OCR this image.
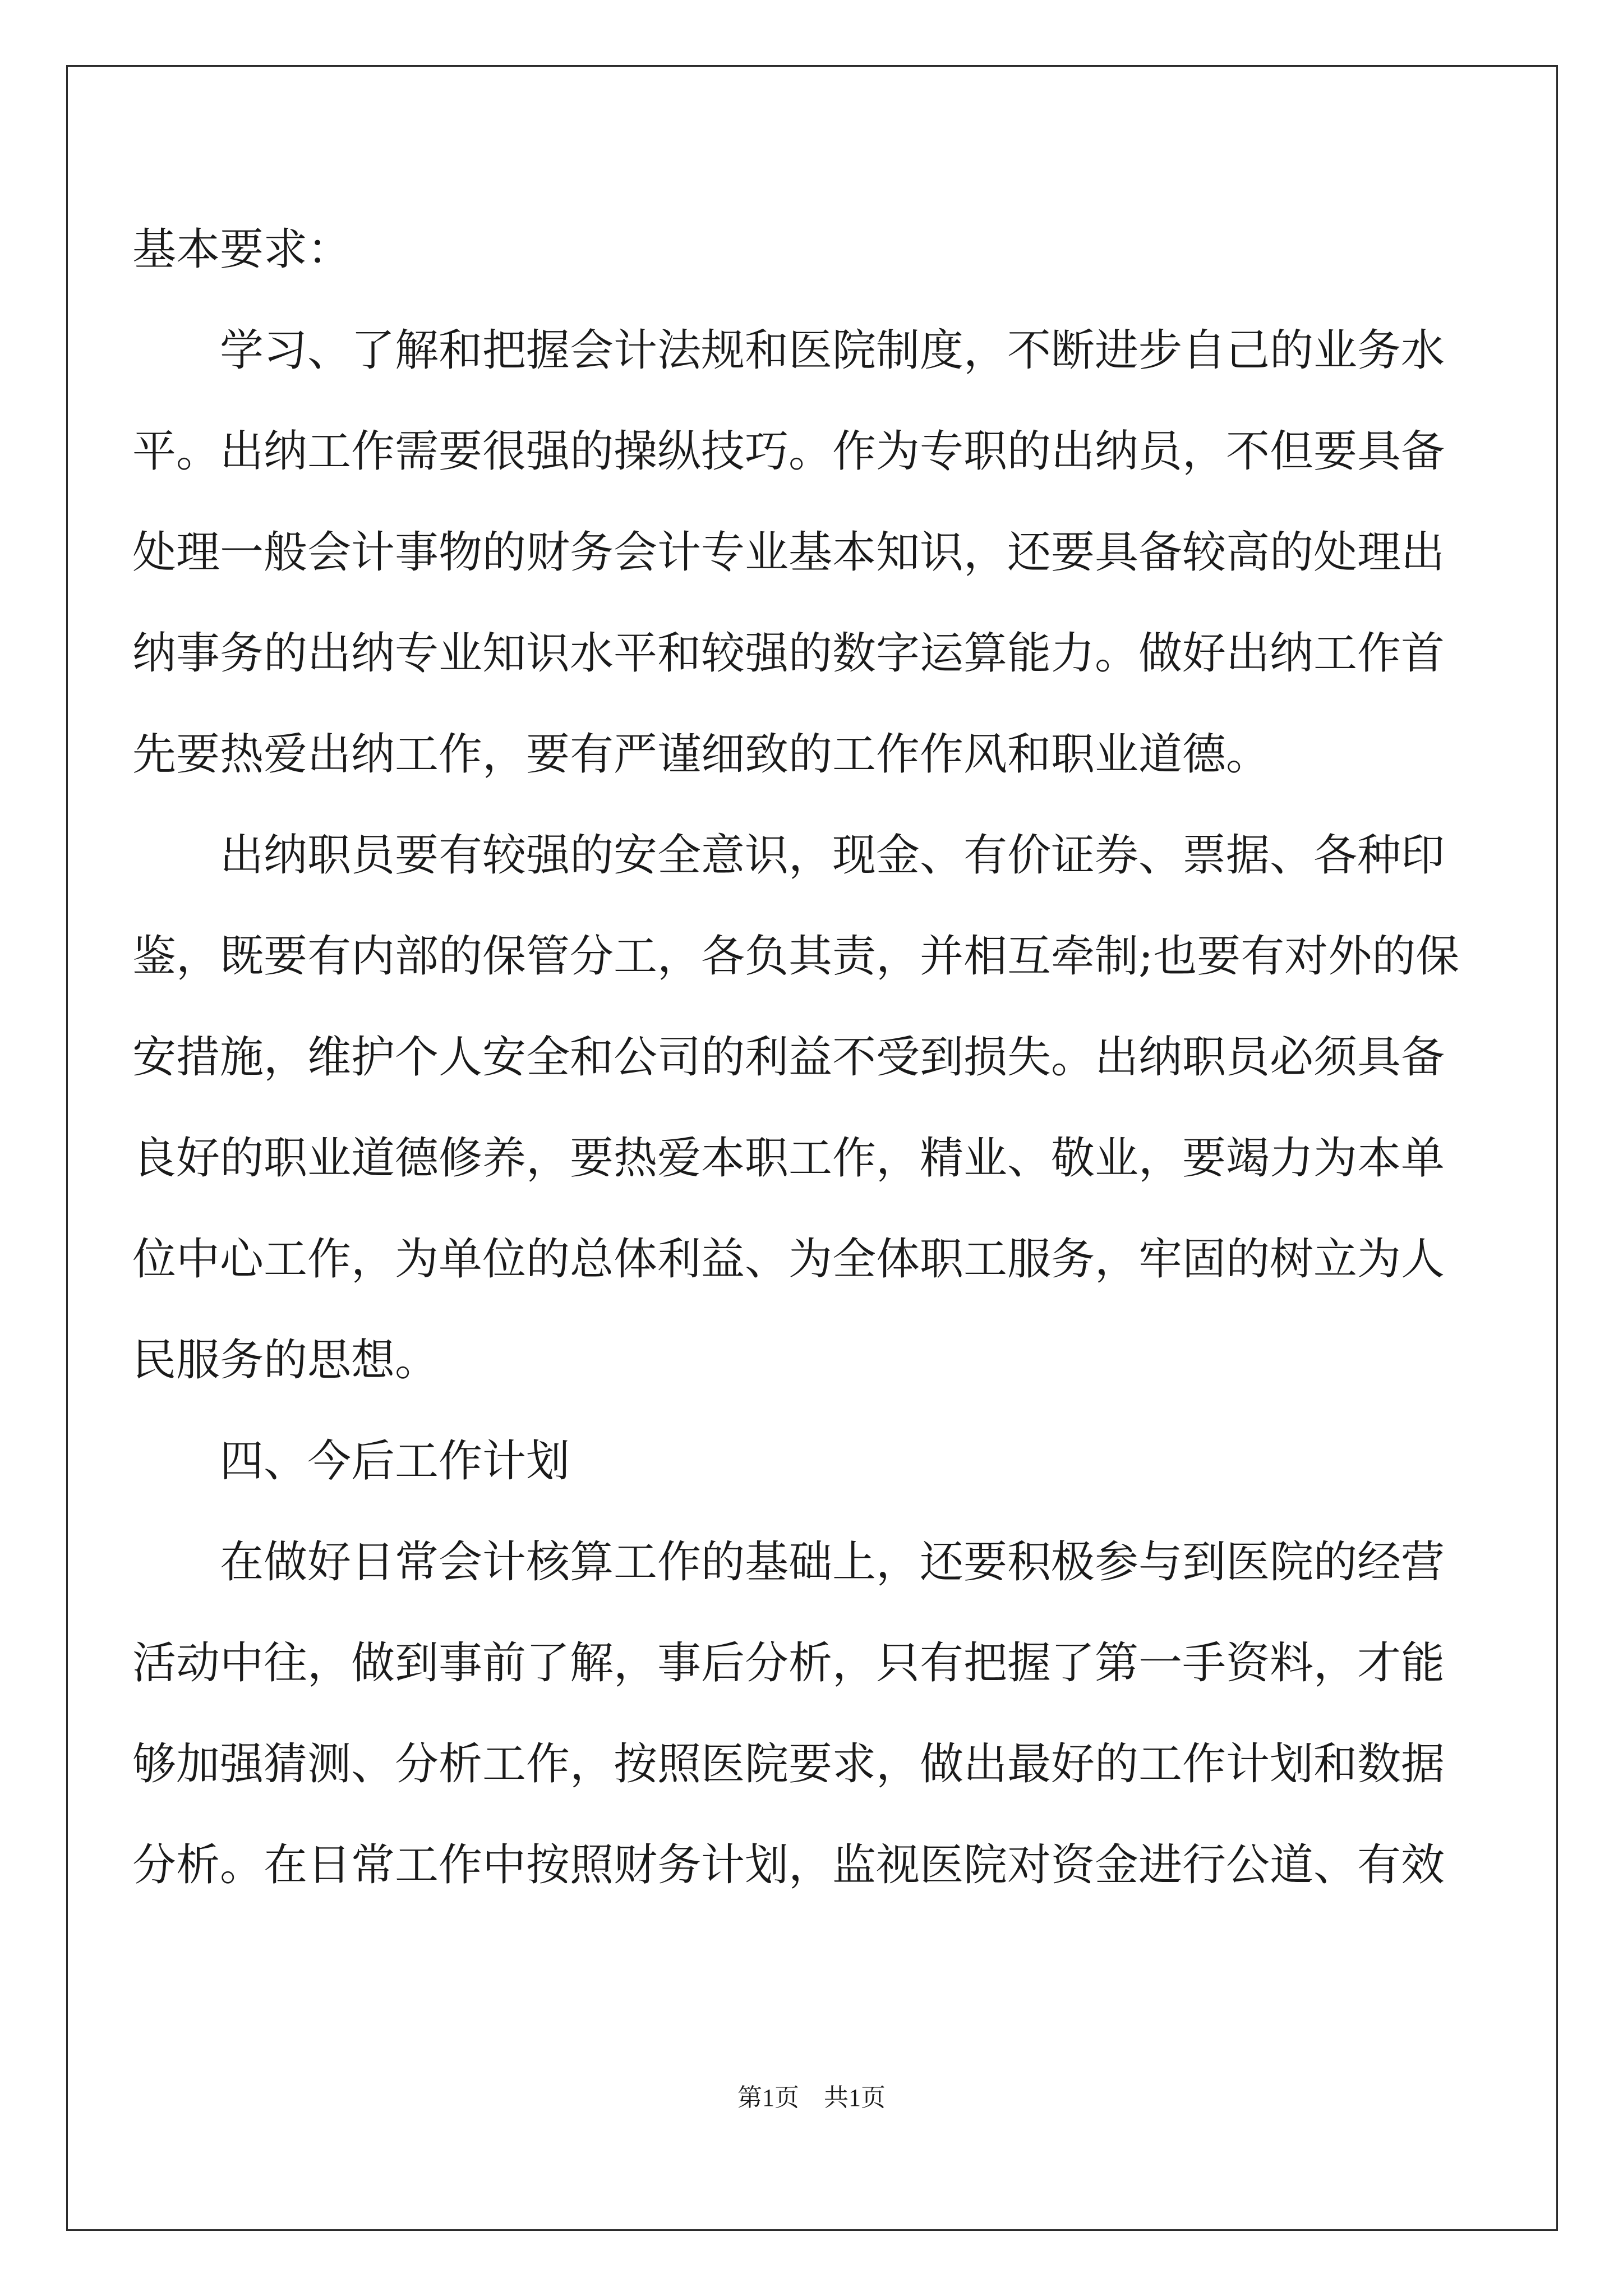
基本要求：
学习、了解和把握会计法规和医院制度，不断进步自己的业务水
平。出纳工作需要很强的操纵技巧。作为专职的出纳员，不但要具备
处理一般会计事物的财务会计专业基本知识，还要具备较高的处理出
纳事务的出纳专业知识水平和较强的数字运算能力。做好出纳工作首
先要热爱出纳工作，要有严谨细致的工作作风和职业道德。
出纳职员要有较强的安全意识，现金、有价证券、票据、各种印
鉴，既要有内部的保管分工，各负其责，并相互牵制;也要有对外的保
安措施，维护个人安全和公司的利益不受到损失。出纳职员必须具备
良好的职业道德修养，要热爱本职工作，精业、敬业，要竭力为本单
位中心工作，为单位的总体利益、为全体职工服务，牢固的树立为人
民服务的思想。
四、今后工作计划
在做好日常会计核算工作的基础上，还要积极参与到医院的经营
活动中往，做到事前了解，事后分析，只有把握了第一手资料，才能
够加强猜测、分析工作，按照医院要求，做出最好的工作计划和数据
分析。在日常工作中按照财务计划，监视医院对资金进行公道、有效
第1页 共1页
